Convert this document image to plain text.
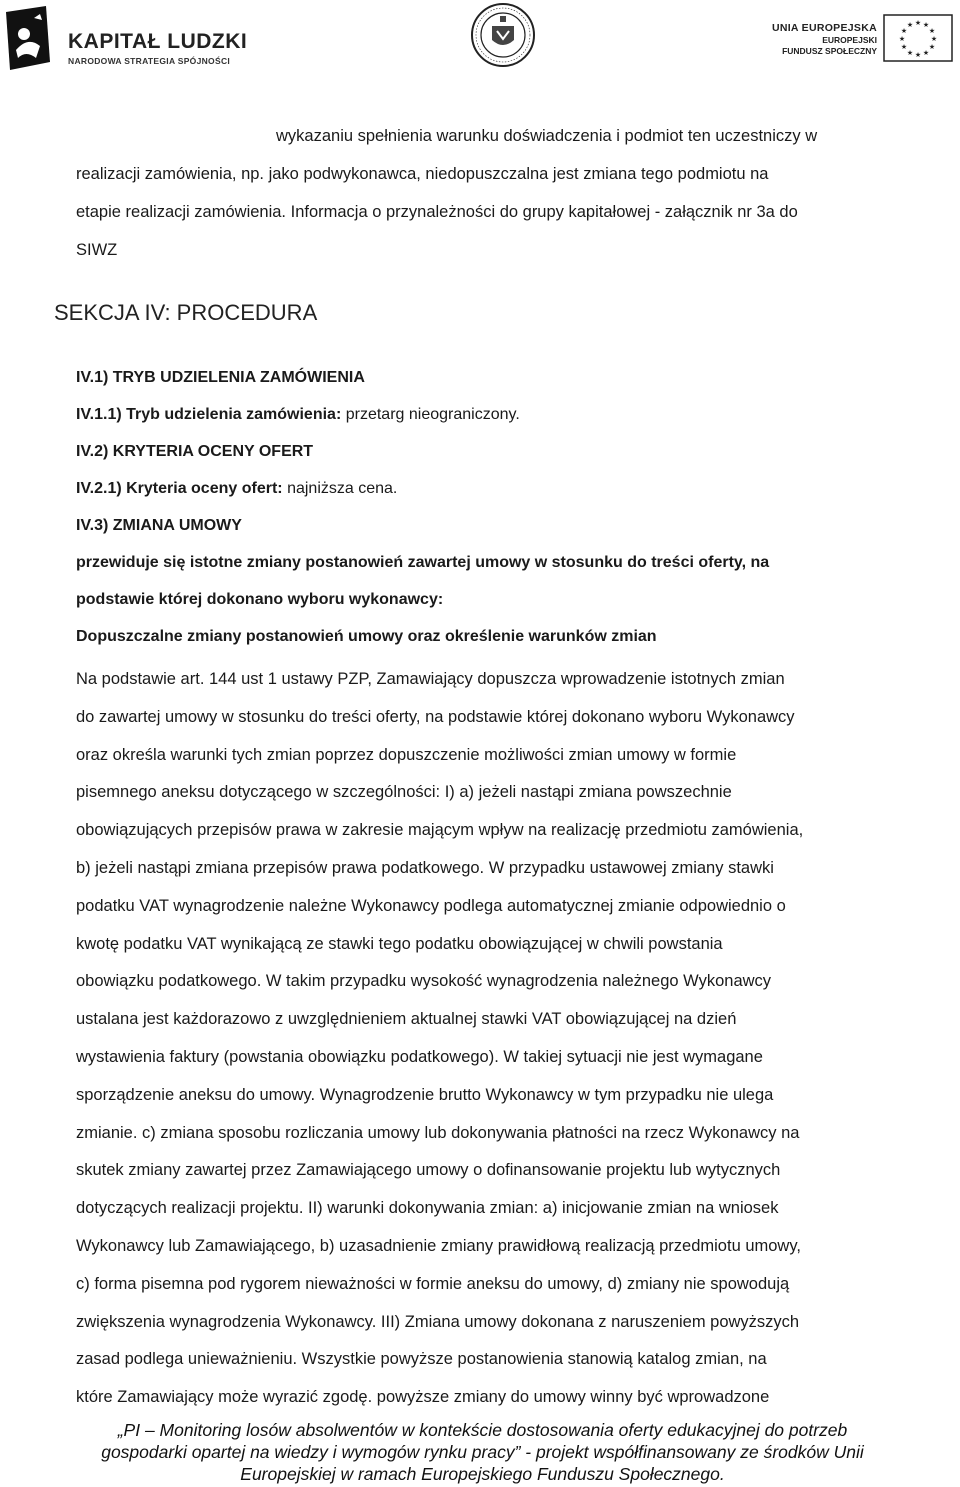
KAPITAŁ LUDZKI
NARODOWA STRATEGIA SPÓJNOŚCI
UNIA EUROPEJSKA
EUROPEJSKI
FUNDUSZ SPOŁECZNY
★ ★
★
★
★
★
★
★
★
★
★
★

wykazaniu spełnienia warunku doświadczenia i podmiot ten uczestniczy w

realizacji zamówienia, np. jako podwykonawca, niedopuszczalna jest zmiana tego podmiotu na

etapie realizacji zamówienia. Informacja o przynależności do grupy kapitałowej - załącznik nr 3a do

SIWZ

SEKCJA IV: PROCEDURA

IV.1) TRYB UDZIELENIA ZAMÓWIENIA

IV.1.1) Tryb udzielenia zamówienia: przetarg nieograniczony.

IV.2) KRYTERIA OCENY OFERT

IV.2.1) Kryteria oceny ofert: najniższa cena.

IV.3) ZMIANA UMOWY

przewiduje się istotne zmiany postanowień zawartej umowy w stosunku do treści oferty, na

podstawie której dokonano wyboru wykonawcy:

Dopuszczalne zmiany postanowień umowy oraz określenie warunków zmian

Na podstawie art. 144 ust 1 ustawy PZP, Zamawiający dopuszcza wprowadzenie istotnych zmian

do zawartej umowy w stosunku do treści oferty, na podstawie której dokonano wyboru Wykonawcy

oraz określa warunki tych zmian poprzez dopuszczenie możliwości zmian umowy w formie

pisemnego aneksu dotyczącego w szczególności: I) a) jeżeli nastąpi zmiana powszechnie

obowiązujących przepisów prawa w zakresie mającym wpływ na realizację przedmiotu zamówienia,

b) jeżeli nastąpi zmiana przepisów prawa podatkowego. W przypadku ustawowej zmiany stawki

podatku VAT wynagrodzenie należne Wykonawcy podlega automatycznej zmianie odpowiednio o

kwotę podatku VAT wynikającą ze stawki tego podatku obowiązującej w chwili powstania

obowiązku podatkowego. W takim przypadku wysokość wynagrodzenia należnego Wykonawcy

ustalana jest każdorazowo z uwzględnieniem aktualnej stawki VAT obowiązującej na dzień

wystawienia faktury (powstania obowiązku podatkowego). W takiej sytuacji nie jest wymagane

sporządzenie aneksu do umowy. Wynagrodzenie brutto Wykonawcy w tym przypadku nie ulega

zmianie. c) zmiana sposobu rozliczania umowy lub dokonywania płatności na rzecz Wykonawcy na

skutek zmiany zawartej przez Zamawiającego umowy o dofinansowanie projektu lub wytycznych

dotyczących realizacji projektu. II) warunki dokonywania zmian: a) inicjowanie zmian na wniosek

Wykonawcy lub Zamawiającego, b) uzasadnienie zmiany prawidłową realizacją przedmiotu umowy,

c) forma pisemna pod rygorem nieważności w formie aneksu do umowy, d) zmiany nie spowodują

zwiększenia wynagrodzenia Wykonawcy. III) Zmiana umowy dokonana z naruszeniem powyższych

zasad podlega unieważnieniu. Wszystkie powyższe postanowienia stanowią katalog zmian, na

które Zamawiający może wyrazić zgodę. powyższe zmiany do umowy winny być wprowadzone

„PI – Monitoring losów absolwentów w kontekście dostosowania oferty edukacyjnej do potrzeb
gospodarki opartej na wiedzy i wymogów rynku pracy” - projekt współfinansowany ze środków Unii
Europejskiej w ramach Europejskiego Funduszu Społecznego.
